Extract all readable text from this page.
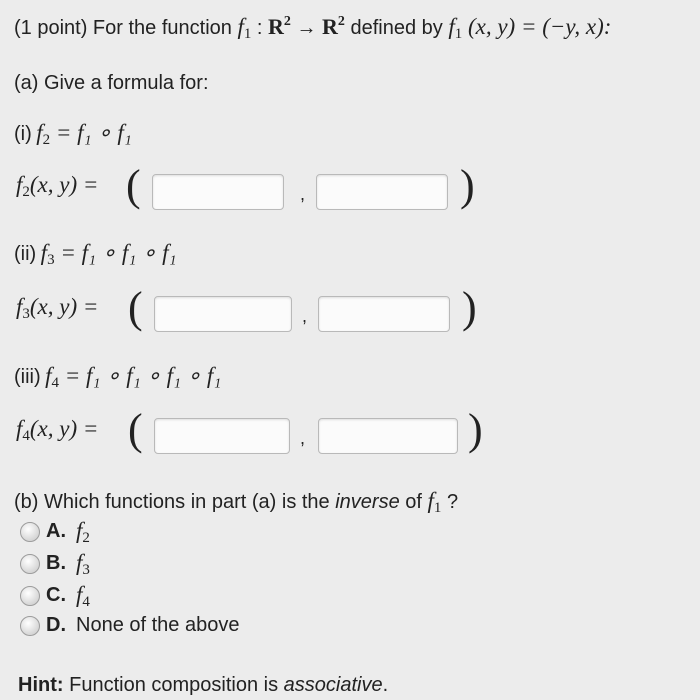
(1 point) For the function $f_1$ : $R^2 \to R^2$ defined by $f_1$ (x, y) = (−y, x):
(a) Give a formula for:
(i) $f_2 = f_1$ ∘ f₁
$f_2(x$, y) = (	,	)
(ii) $f_3 = f_1$ ∘ f₁ ∘ f₁
$f_3(x$, y) = (	,	)
(iii) $f_4 = f_1$ ∘ f₁ ∘ f₁ ∘ f₁
$f_4(x$, y) = (	,	)
(b) Which functions in part (a) is the inverse of $f_1$ ?
A. $f_2$
B. $f_3$
C. $f_4$
D. None of the above
Hint: Function composition is associative.
